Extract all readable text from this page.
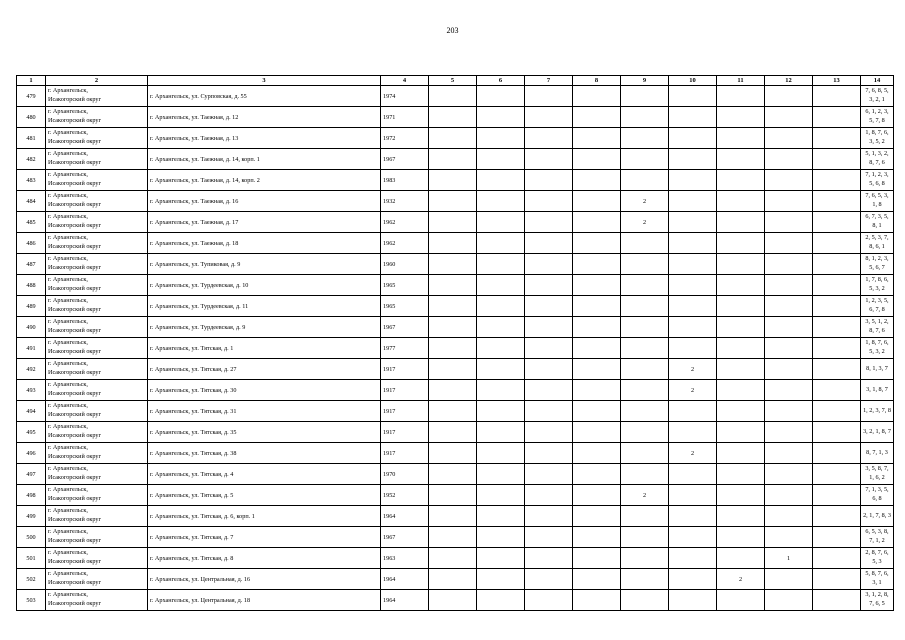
203
1	2	3	4	5	6	7	8	9	10	11	12	13	14
479	г. Архангельск,
Исакогорский округ	г. Архангельск, ул. Сурповская, д. 55	1974										7, 6, 8, 5, 3, 2, 1
480	г. Архангельск,
Исакогорский округ	г. Архангельск, ул. Таежная, д. 12	1971										6, 1, 2, 3, 5, 7, 8
481	г. Архангельск,
Исакогорский округ	г. Архангельск, ул. Таежная, д. 13	1972										1, 8, 7, 6, 3, 5, 2
482	г. Архангельск,
Исакогорский округ	г. Архангельск, ул. Таежная, д. 14, корп. 1	1967										5, 1, 3, 2, 8, 7, 6
483	г. Архангельск,
Исакогорский округ	г. Архангельск, ул. Таежная, д. 14, корп. 2	1983										7, 1, 2, 3, 5, 6, 8
484	г. Архангельск,
Исакогорский округ	г. Архангельск, ул. Таежная, д. 16	1932					2					7, 6, 5, 3, 1, 8
485	г. Архангельск,
Исакогорский округ	г. Архангельск, ул. Таежная, д. 17	1962					2					6, 7, 3, 5, 8, 1
486	г. Архангельск,
Исакогорский округ	г. Архангельск, ул. Таежная, д. 18	1962										2, 5, 3, 7, 8, 6, 1
487	г. Архангельск,
Исакогорский округ	г. Архангельск, ул. Тупиковая, д. 9	1960										8, 1, 2, 3, 5, 6, 7
488	г. Архангельск,
Исакогорский округ	г. Архангельск, ул. Турдеевская, д. 10	1965										1, 7, 8, 6, 5, 3, 2
489	г. Архангельск,
Исакогорский округ	г. Архангельск, ул. Турдеевская, д. 11	1965										1, 2, 3, 5, 6, 7, 8
490	г. Архангельск,
Исакогорский округ	г. Архангельск, ул. Турдеевская, д. 9	1967										3, 5, 1, 2, 8, 7, 6
491	г. Архангельск,
Исакогорский округ	г. Архангельск, ул. Тятская, д. 1	1977										1, 8, 7, 6, 5, 3, 2
492	г. Архангельск,
Исакогорский округ	г. Архангельск, ул. Тятская, д. 27	1917						2				8, 1, 3, 7
493	г. Архангельск,
Исакогорский округ	г. Архангельск, ул. Тятская, д. 30	1917						2				3, 1, 8, 7
494	г. Архангельск,
Исакогорский округ	г. Архангельск, ул. Тятская, д. 31	1917										1, 2, 3, 7, 8
495	г. Архангельск,
Исакогорский округ	г. Архангельск, ул. Тятская, д. 35	1917										3, 2, 1, 8, 7
496	г. Архангельск,
Исакогорский округ	г. Архангельск, ул. Тятская, д. 38	1917						2				8, 7, 1, 3
497	г. Архангельск,
Исакогорский округ	г. Архангельск, ул. Тятская, д. 4	1970										3, 5, 8, 7, 1, 6, 2
498	г. Архангельск,
Исакогорский округ	г. Архангельск, ул. Тятская, д. 5	1952					2					7, 1, 3, 5, 6, 8
499	г. Архангельск,
Исакогорский округ	г. Архангельск, ул. Тятская, д. 6, корп. 1	1964										2, 1, 7, 8, 3
500	г. Архангельск,
Исакогорский округ	г. Архангельск, ул. Тятская, д. 7	1967										6, 5, 3, 8, 7, 1, 2
501	г. Архангельск,
Исакогорский округ	г. Архангельск, ул. Тятская, д. 8	1963								1		2, 8, 7, 6, 5, 3
502	г. Архангельск,
Исакогорский округ	г. Архангельск, ул. Центральная, д. 16	1964							2			5, 8, 7, 6, 3, 1
503	г. Архангельск,
Исакогорский округ	г. Архангельск, ул. Центральная, д. 18	1964										3, 1, 2, 8, 7, 6, 5
